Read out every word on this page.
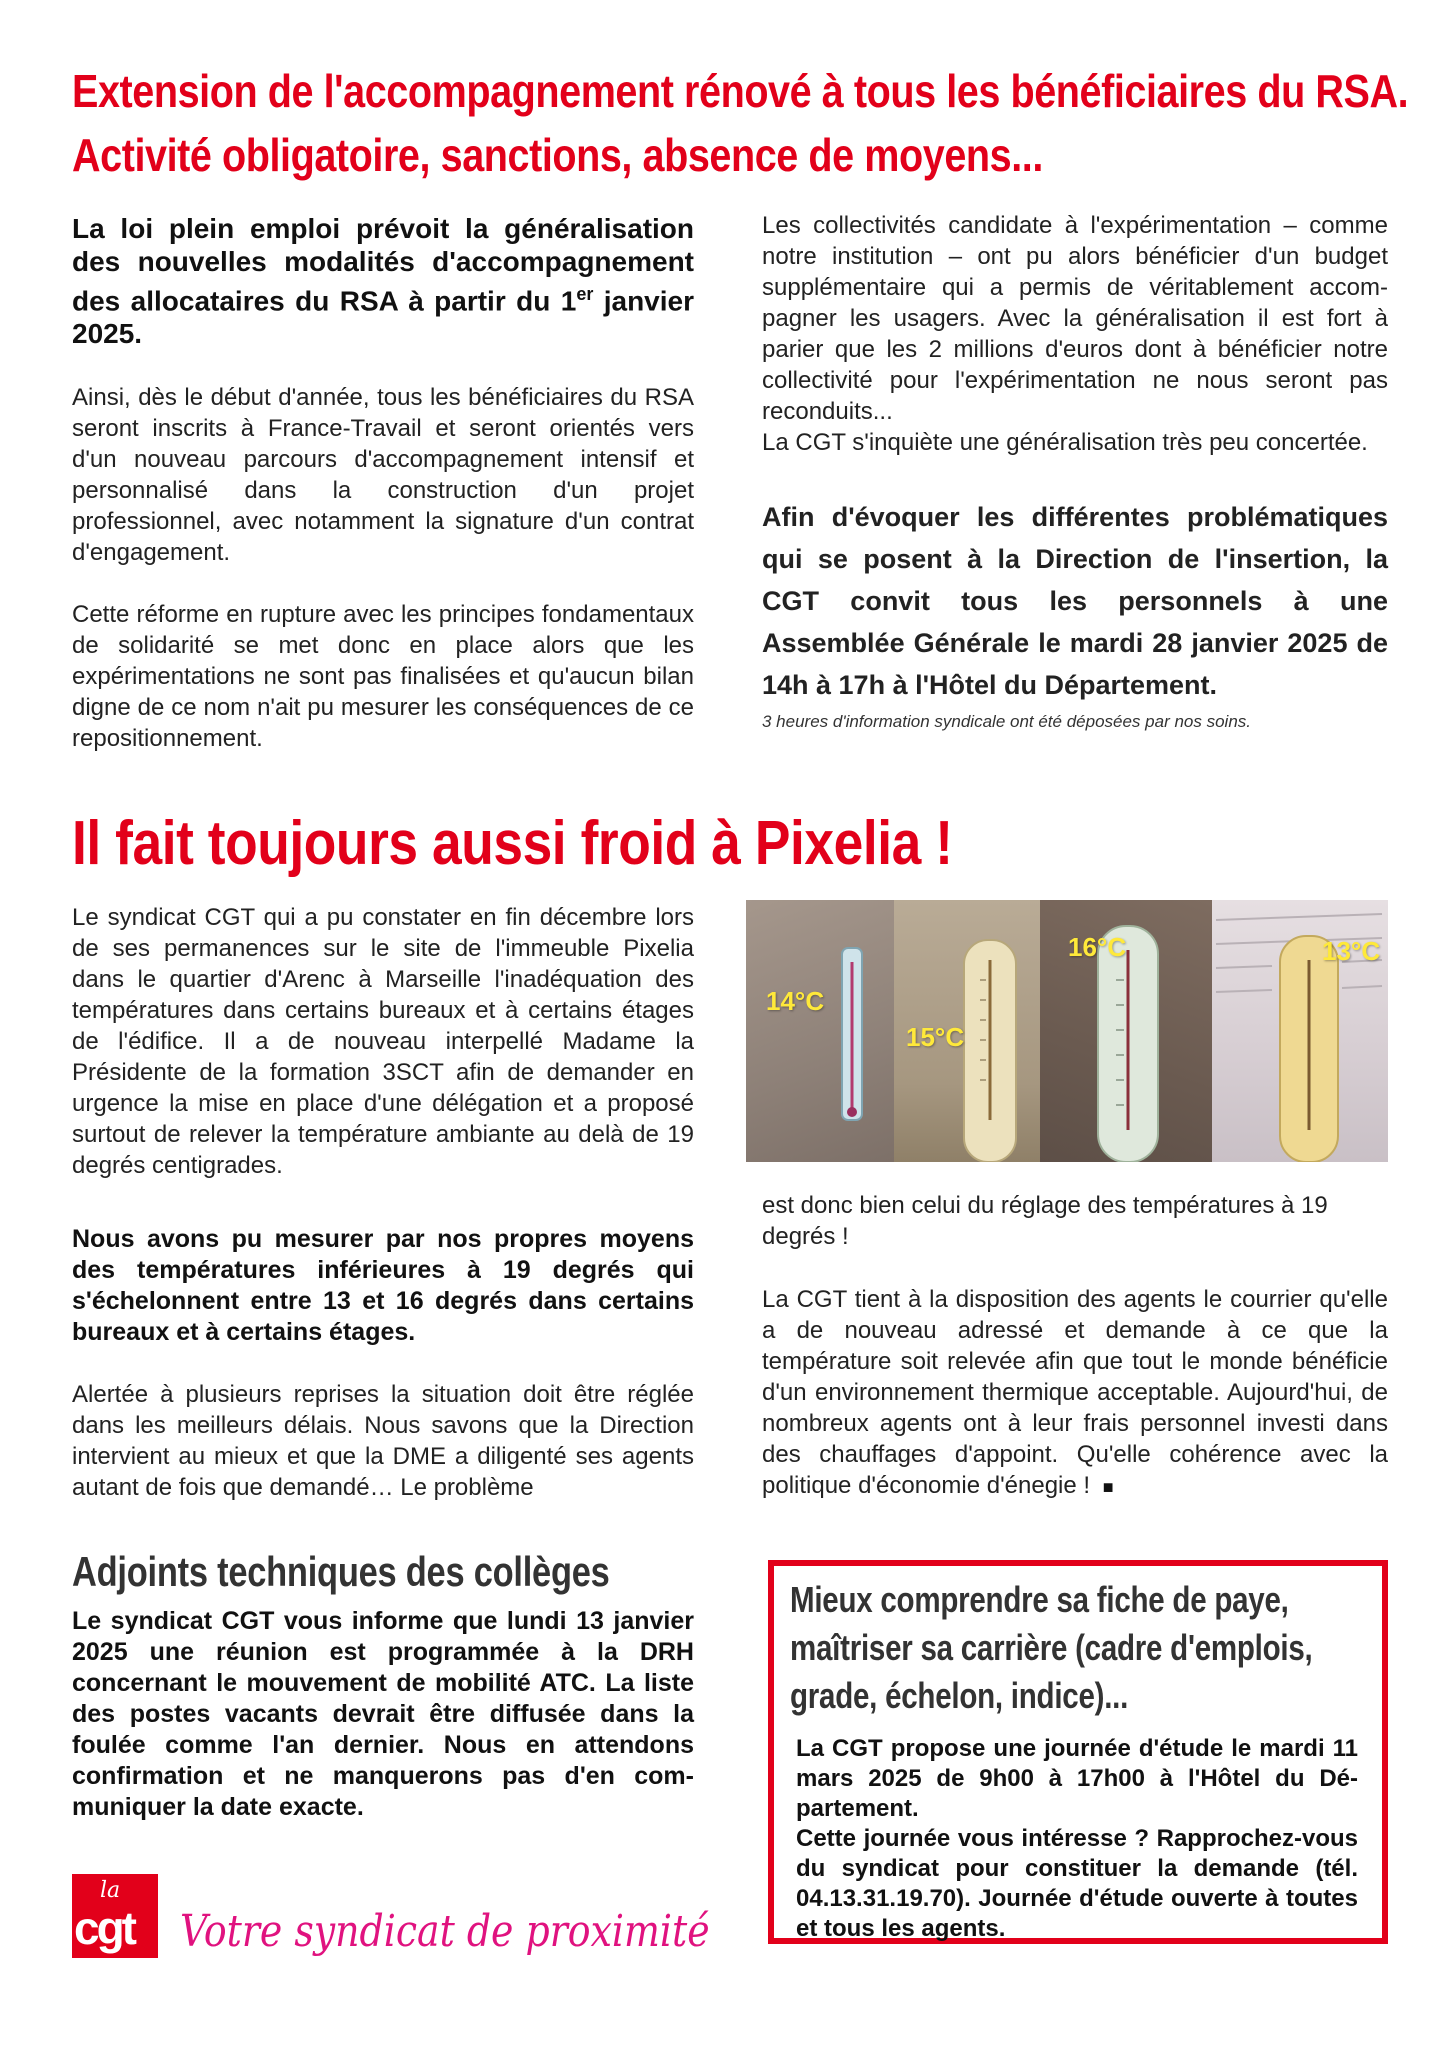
Extension de l'accompagnement rénové à tous les bénéficiaires du RSA.
Activité obligatoire, sanctions, absence de moyens...
La loi plein emploi prévoit la généralisation des nouvelles modalités d'accompagnement des allocataires du RSA à partir du 1er janvier 2025.
Ainsi, dès le début d'année, tous les bénéficiaires du RSA seront inscrits à France-Travail et seront orientés vers d'un nouveau parcours d'accompagnement intensif et personnalisé dans la construction d'un projet professionnel, avec notamment la signature d'un contrat d'engagement.
Cette réforme en rupture avec les principes fondamentaux de solidarité se met donc en place alors que les expérimentations ne sont pas finalisées et qu'aucun bilan digne de ce nom n'ait pu mesurer les conséquences de ce repositionnement.
Les collectivités candidate à l'expérimentation – comme notre institution – ont pu alors bénéficier d'un budget supplémentaire qui a permis de véritablement accompagner les usagers. Avec la généralisation il est fort à parier que les 2 millions d'euros dont à bénéficier notre collectivité pour l'expérimentation ne nous seront pas reconduits...
La CGT s'inquiète une généralisation très peu concertée.
Afin d'évoquer les différentes problématiques qui se posent à la Direction de l'insertion, la CGT convit tous les personnels à une Assemblée Générale le mardi 28 janvier 2025 de 14h à 17h à l'Hôtel du Département.
3 heures d'information syndicale ont été déposées par nos soins.
Il fait toujours aussi froid à Pixelia !
Le syndicat CGT qui a pu constater en fin décembre lors de ses permanences sur le site de l'immeuble Pixelia dans le quartier d'Arenc à Marseille l'inadéquation des températures dans certains bureaux et à certains étages de l'édifice. Il a de nouveau interpellé Madame la Présidente de la formation 3SCT afin de demander en urgence la mise en place d'une délégation et a proposé surtout de relever la température ambiante au delà de 19 degrés centigrades.
Nous avons pu mesurer par nos propres moyens des températures inférieures à 19 degrés qui s'échelonnent entre 13 et 16 degrés dans certains bureaux et à certains étages.
Alertée à plusieurs reprises la situation doit être réglée dans les meilleurs délais. Nous savons que la Direction intervient au mieux et que la DME a diligenté ses agents autant de fois que demandé… Le problème
14°C
15°C
16°C	13°C
est donc bien celui du réglage des températures à 19 degrés !
La CGT tient à la disposition des agents le courrier qu'elle a de nouveau adressé et demande à ce que la température soit relevée afin que tout le monde bénéficie d'un environnement thermique acceptable. Aujourd'hui, de nombreux agents ont à leur frais personnel investi dans des chauffages d'appoint. Qu'elle cohérence avec la politique d'économie d'énegie ! ■
Adjoints techniques des collèges
Le syndicat CGT vous informe que lundi 13 janvier 2025 une réunion est programmée à la DRH concernant le mouvement de mobilité ATC. La liste des postes vacants devrait être diffusée dans la foulée comme l'an dernier. Nous en attendons confirmation et ne manquerons pas d'en communiquer la date exacte.
Mieux comprendre sa fiche de paye,
maîtriser sa carrière (cadre d'emplois,
grade, échelon, indice)...
La CGT propose une journée d'étude le mardi 11 mars 2025 de 9h00 à 17h00 à l'Hôtel du Département.
Cette journée vous intéresse ? Rapprochez-vous du syndicat pour constituer la demande (tél. 04.13.31.19.70). Journée d'étude ouverte à toutes et tous les agents.
la
cgt Votre syndicat de proximité
